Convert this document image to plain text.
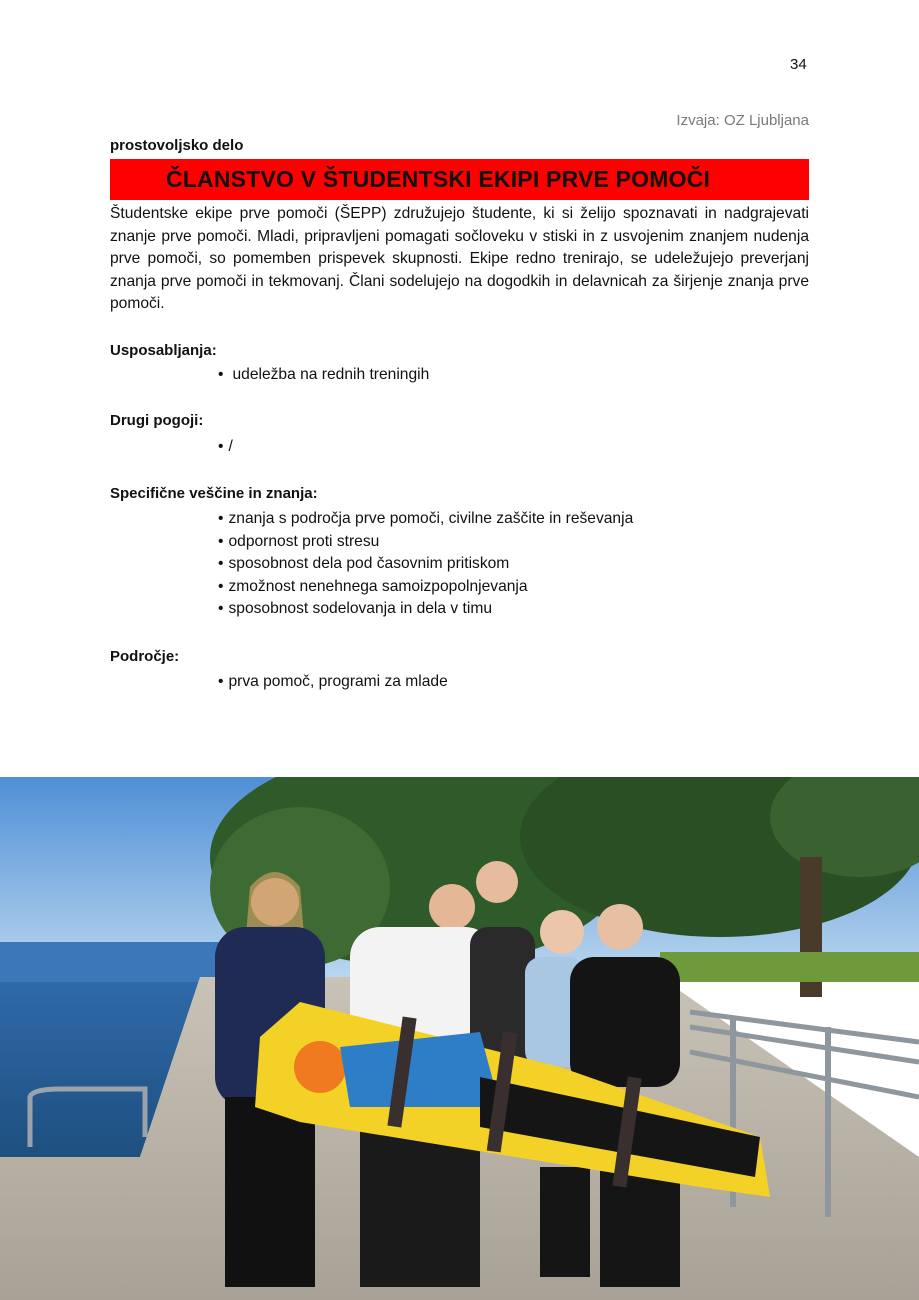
34
Izvaja: OZ Ljubljana
prostovoljsko delo
ČLANSTVO V ŠTUDENTSKI EKIPI PRVE POMOČI

Študentske ekipe prve pomoči (ŠEPP) združujejo študente, ki si želijo spoznavati in nadgrajevati znanje prve pomoči. Mladi, pripravljeni pomagati sočloveku v stiski in z usvojenim znanjem nudenja prve pomoči, so pomemben prispevek skupnosti. Ekipe redno trenirajo, se udeležujejo preverjanj znanja prve pomoči in tekmovanj. Člani sodelujejo na dogodkih in delavnicah za širjenje znanja prve pomoči.

Usposabljanja:
• udeležba na rednih treningih
Drugi pogoji:
• /
Specifične veščine in znanja:
• znanja s področja prve pomoči, civilne zaščite in reševanja
• odpornost proti stresu
• sposobnost dela pod časovnim pritiskom
• zmožnost nenehnega samoizpopolnjevanja
• sposobnost sodelovanja in dela v timu
Področje:
• prva pomoč, programi za mlade
